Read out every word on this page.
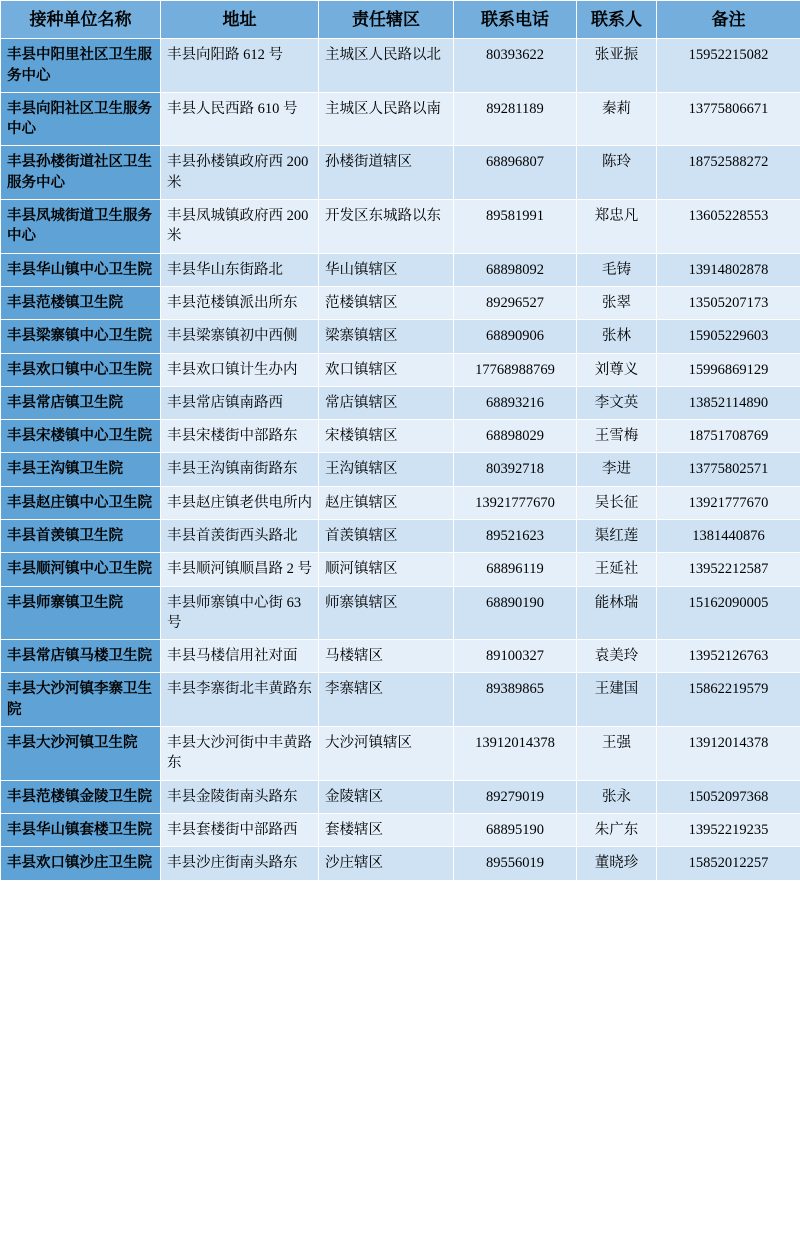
接种单位名称	地址	责任辖区	联系电话	联系人	备注
丰县中阳里社区卫生服务中心	丰县向阳路 612 号	主城区人民路以北	80393622	张亚振	15952215082
丰县向阳社区卫生服务中心	丰县人民西路 610 号	主城区人民路以南	89281189	秦莉	13775806671
丰县孙楼街道社区卫生服务中心	丰县孙楼镇政府西 200 米	孙楼街道辖区	68896807	陈玲	18752588272
丰县凤城街道卫生服务中心	丰县凤城镇政府西 200 米	开发区东城路以东	89581991	郑忠凡	13605228553
丰县华山镇中心卫生院	丰县华山东街路北	华山镇辖区	68898092	毛铸	13914802878
丰县范楼镇卫生院	丰县范楼镇派出所东	范楼镇辖区	89296527	张翠	13505207173
丰县梁寨镇中心卫生院	丰县梁寨镇初中西侧	梁寨镇辖区	68890906	张林	15905229603
丰县欢口镇中心卫生院	丰县欢口镇计生办内	欢口镇辖区	17768988769	刘尊义	15996869129
丰县常店镇卫生院	丰县常店镇南路西	常店镇辖区	68893216	李文英	13852114890
丰县宋楼镇中心卫生院	丰县宋楼街中部路东	宋楼镇辖区	68898029	王雪梅	18751708769
丰县王沟镇卫生院	丰县王沟镇南街路东	王沟镇辖区	80392718	李进	13775802571
丰县赵庄镇中心卫生院	丰县赵庄镇老供电所内	赵庄镇辖区	13921777670	吴长征	13921777670
丰县首羡镇卫生院	丰县首羡街西头路北	首羡镇辖区	89521623	渠红莲	1381440876
丰县顺河镇中心卫生院	丰县顺河镇顺昌路 2 号	顺河镇辖区	68896119	王延社	13952212587
丰县师寨镇卫生院	丰县师寨镇中心街 63 号	师寨镇辖区	68890190	能林瑞	15162090005
丰县常店镇马楼卫生院	丰县马楼信用社对面	马楼辖区	89100327	袁美玲	13952126763
丰县大沙河镇李寨卫生院	丰县李寨街北丰黄路东	李寨辖区	89389865	王建国	15862219579
丰县大沙河镇卫生院	丰县大沙河街中丰黄路东	大沙河镇辖区	13912014378	王强	13912014378
丰县范楼镇金陵卫生院	丰县金陵街南头路东	金陵辖区	89279019	张永	15052097368
丰县华山镇套楼卫生院	丰县套楼街中部路西	套楼辖区	68895190	朱广东	13952219235
丰县欢口镇沙庄卫生院	丰县沙庄街南头路东	沙庄辖区	89556019	董晓珍	15852012257
